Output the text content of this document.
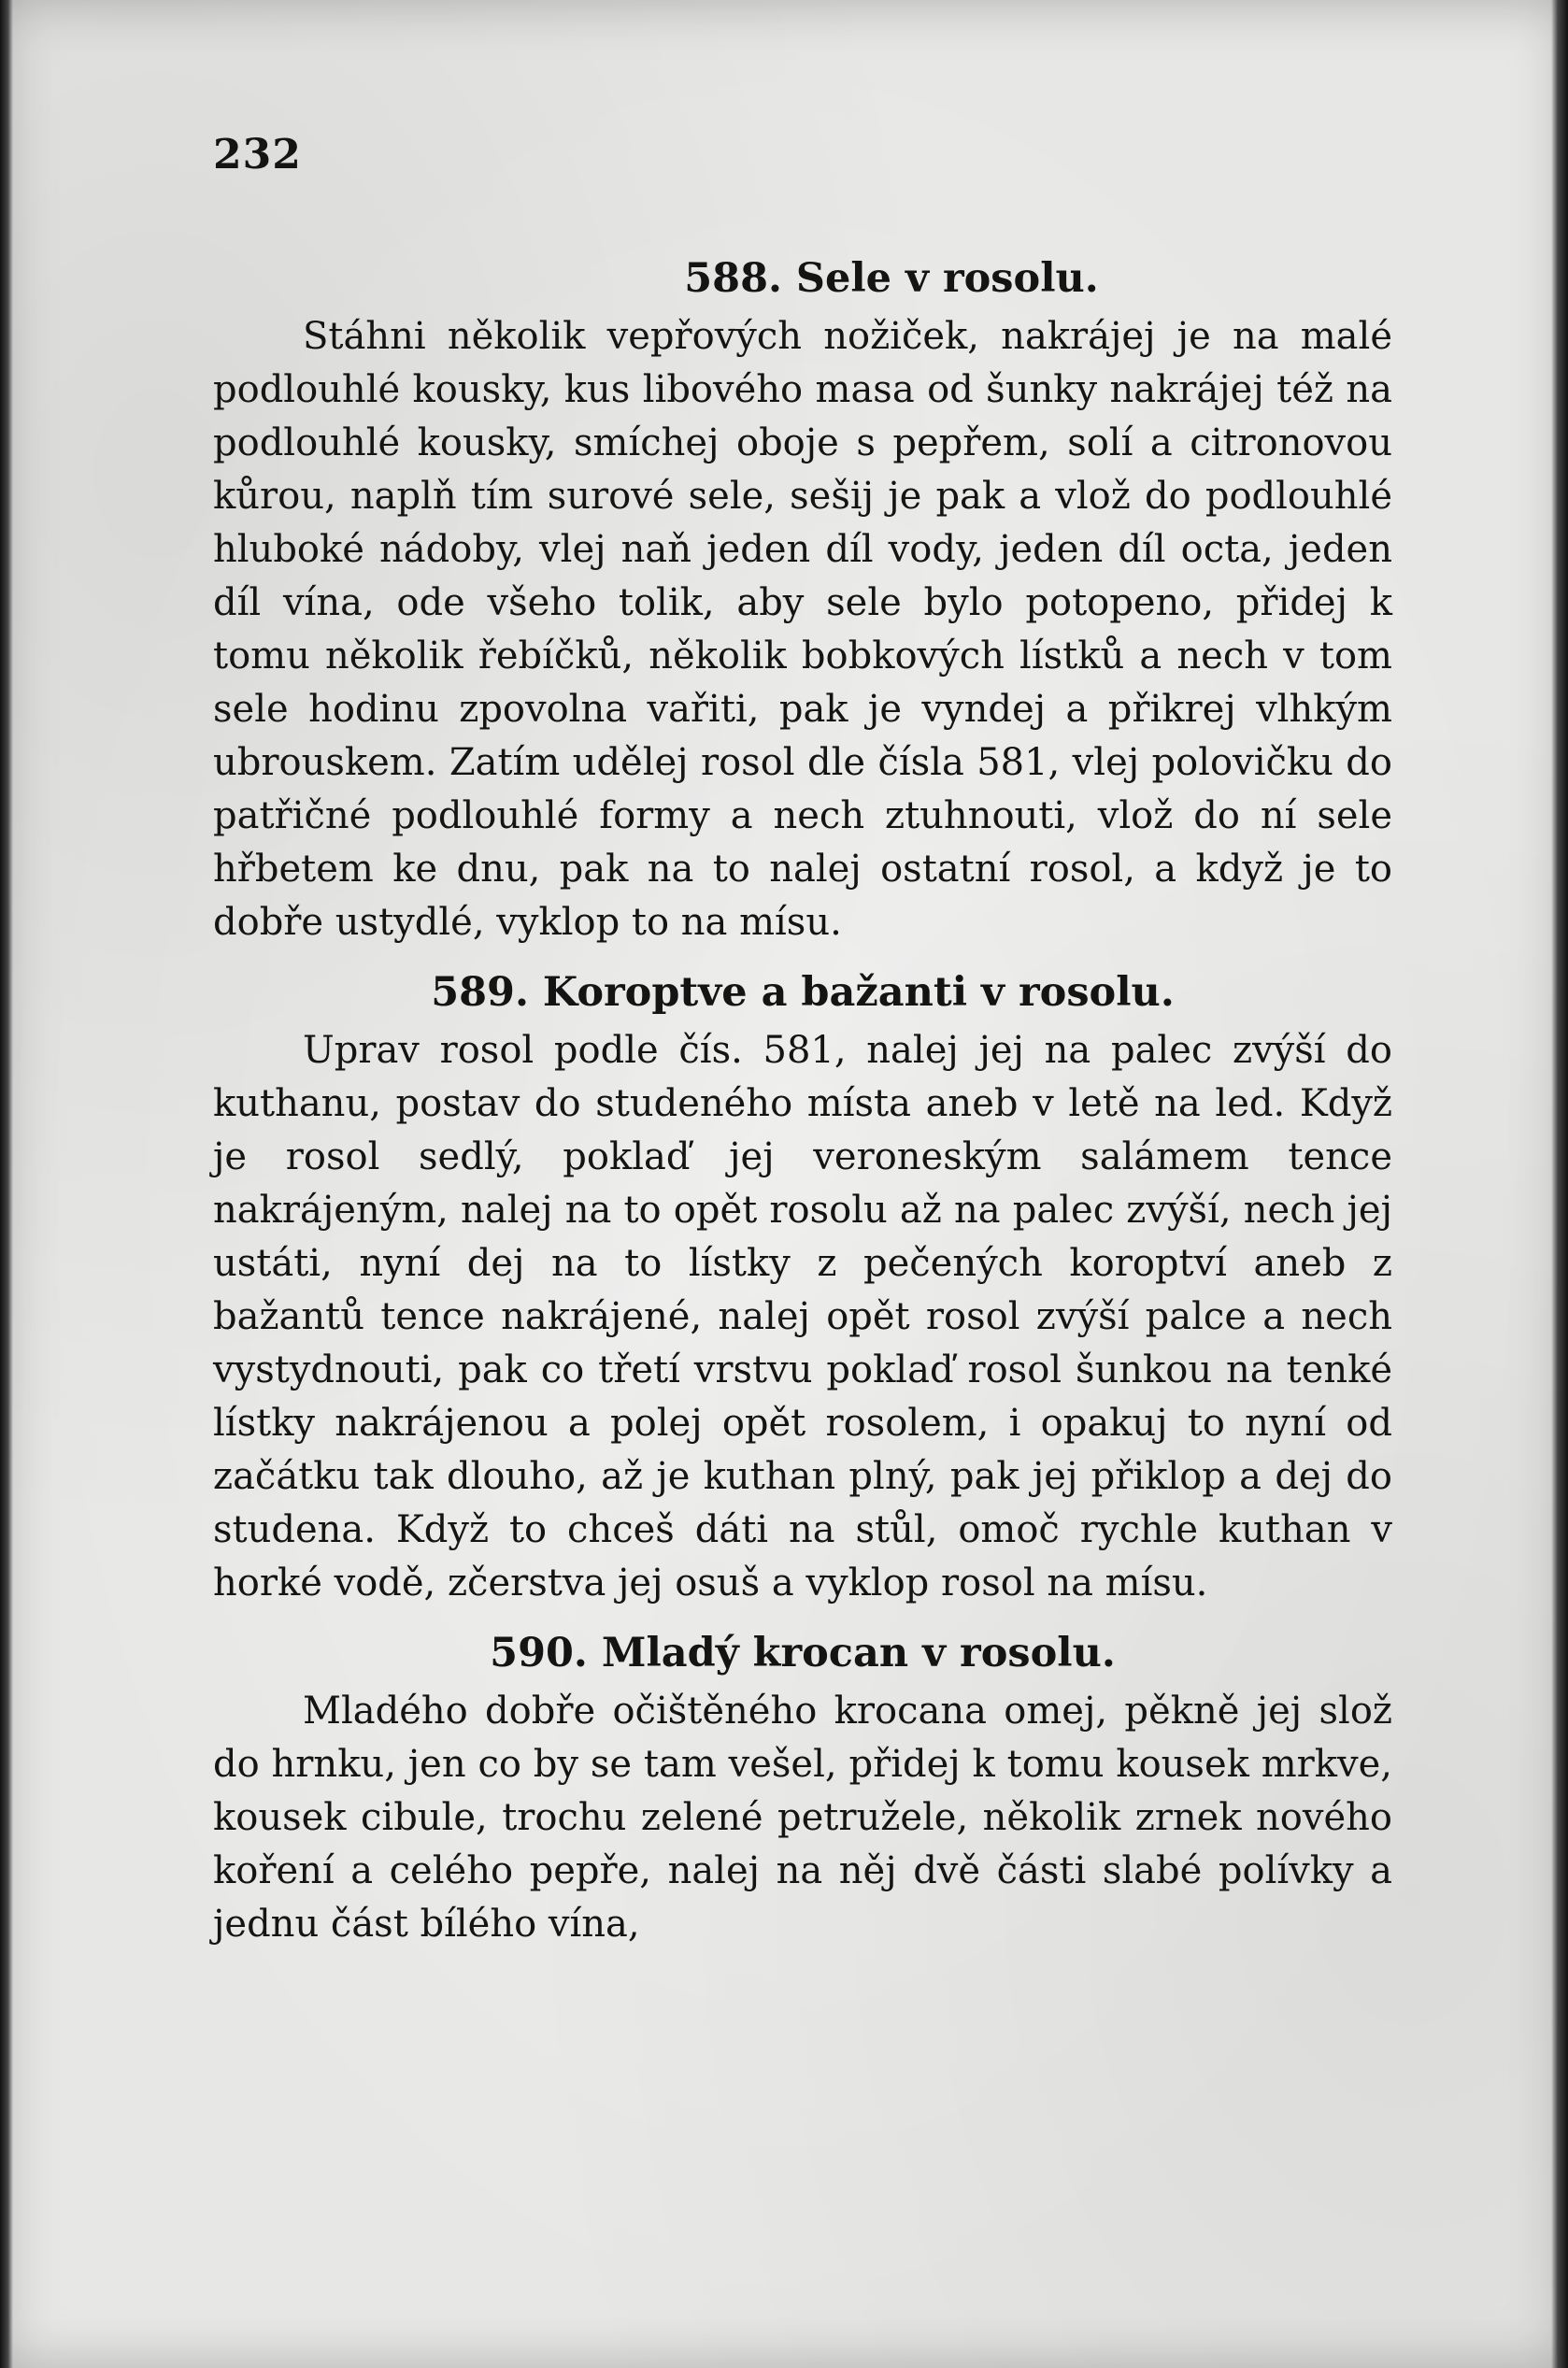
232
588. Sele v rosolu.

Stáhni několik vepřových nožiček, nakrájej je na malé podlouhlé kousky, kus libového masa od šunky nakrájej též na podlouhlé kousky, smíchej oboje s pepřem, solí a citronovou kůrou, naplň tím surové sele, sešij je pak a vlož do podlouhlé hluboké nádoby, vlej naň jeden díl vody, jeden díl octa, jeden díl vína, ode všeho tolik, aby sele bylo potopeno, přidej k tomu několik řebíčků, několik bobkových lístků a nech v tom sele hodinu zpovolna vařiti, pak je vyndej a přikrej vlhkým ubrouskem. Zatím udělej rosol dle čísla 581, vlej polovičku do patřičné podlouhlé formy a nech ztuhnouti, vlož do ní sele hřbetem ke dnu, pak na to nalej ostatní rosol, a když je to dobře ustydlé, vyklop to na mísu.

589. Koroptve a bažanti v rosolu.

Uprav rosol podle čís. 581, nalej jej na palec zvýší do kuthanu, postav do studeného místa aneb v letě na led. Když je rosol sedlý, poklaď jej veroneským salámem tence nakrájeným, nalej na to opět rosolu až na palec zvýší, nech jej ustáti, nyní dej na to lístky z pečených koroptví aneb z bažantů tence nakrájené, nalej opět rosol zvýší palce a nech vystydnouti, pak co třetí vrstvu poklaď rosol šunkou na tenké lístky nakrájenou a polej opět rosolem, i opakuj to nyní od začátku tak dlouho, až je kuthan plný, pak jej přiklop a dej do studena. Když to chceš dáti na stůl, omoč rychle kuthan v horké vodě, zčerstva jej osuš a vyklop rosol na mísu.

590. Mladý krocan v rosolu.

Mladého dobře očištěného krocana omej, pěkně jej slož do hrnku, jen co by se tam vešel, přidej k tomu kousek mrkve, kousek cibule, trochu zelené petružele, několik zrnek nového koření a celého pepře, nalej na něj dvě části slabé polívky a jednu část bílého vína,
